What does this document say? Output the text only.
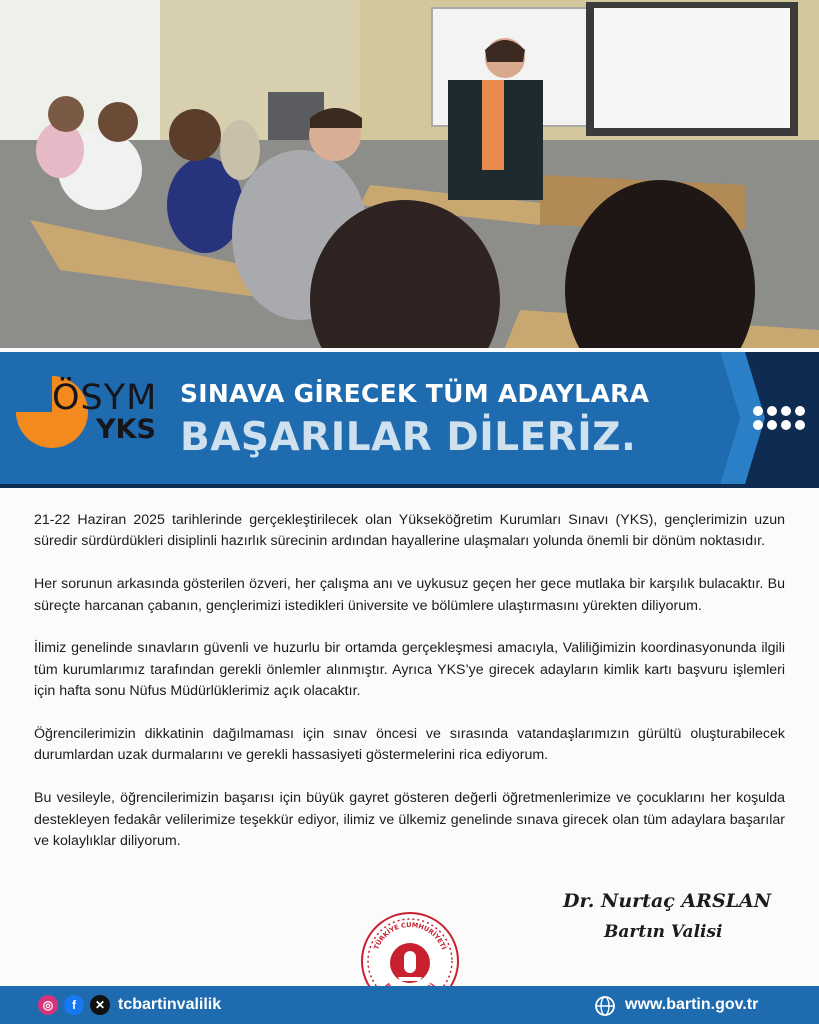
ÖSYM
YKS
SINAVA GİRECEK TÜM ADAYLARA
BAŞARILAR DİLERİZ.

21-22 Haziran 2025 tarihlerinde gerçekleştirilecek olan Yükseköğretim Kurumları Sınavı (YKS), gençlerimizin uzun süredir sürdürdükleri disiplinli hazırlık sürecinin ardından hayallerine ulaşmaları yolunda önemli bir dönüm noktasıdır.

Her sorunun arkasında gösterilen özveri, her çalışma anı ve uykusuz geçen her gece mutlaka bir karşılık bulacaktır. Bu süreçte harcanan çabanın, gençlerimizi istedikleri üniversite ve bölümlere ulaştırmasını yürekten diliyorum.

İlimiz genelinde sınavların güvenli ve huzurlu bir ortamda gerçekleşmesi amacıyla, Valiliğimizin koordinasyonunda ilgili tüm kurumlarımız tarafından gerekli önlemler alınmıştır. Ayrıca YKS’ye girecek adayların kimlik kartı başvuru işlemleri için hafta sonu Nüfus Müdürlüklerimiz açık olacaktır.

Öğrencilerimizin dikkatinin dağılmaması için sınav öncesi ve sırasında vatandaşlarımızın gürültü oluşturabilecek durumlardan uzak durmalarını ve gerekli hassasiyeti göstermelerini rica ediyorum.

Bu vesileyle, öğrencilerimizin başarısı için büyük gayret gösteren değerli öğretmenlerimize ve çocuklarını her koşulda destekleyen fedakâr velilerimize teşekkür ediyor, ilimiz ve ülkemiz genelinde sınava girecek olan tüm adaylara başarılar ve kolaylıklar diliyorum.

Dr. Nurtaç ARSLAN
Bartın Valisi
TÜRKİYE CUMHURİYETİ
◎	f	✕ tcbartinvalilik	www.bartin.gov.tr
